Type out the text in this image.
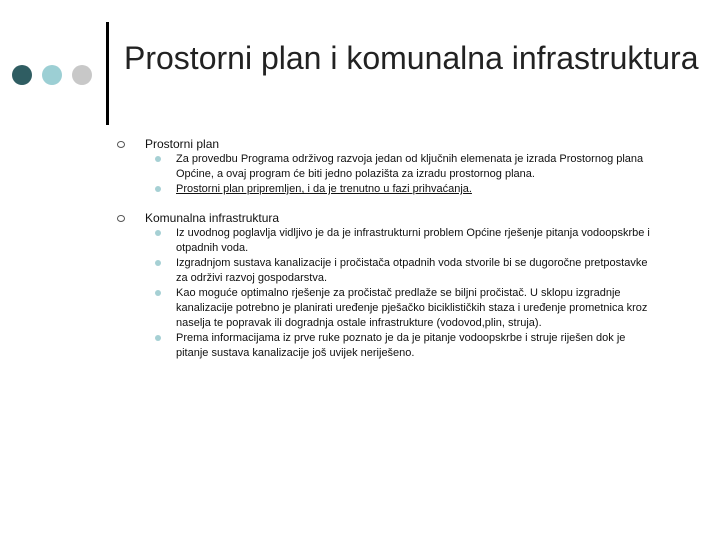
Prostorni plan i komunalna infrastruktura
Prostorni plan
Za provedbu Programa održivog razvoja jedan od ključnih elemenata je izrada Prostornog plana Općine, a ovaj program će biti jedno polazišta za izradu prostornog plana.
Prostorni plan pripremljen, i da je trenutno u fazi prihvaćanja.
Komunalna infrastruktura
Iz uvodnog poglavlja vidljivo je da je infrastrukturni problem Općine rješenje pitanja vodoopskrbe i otpadnih voda.
Izgradnjom sustava kanalizacije i pročistača otpadnih voda stvorile bi se dugoročne pretpostavke za održivi razvoj gospodarstva.
Kao moguće optimalno rješenje za pročistač predlaže se biljni pročistač. U sklopu izgradnje kanalizacije potrebno je planirati uređenje pješačko biciklističkih staza i uređenje prometnica kroz naselja te popravak ili dogradnja ostale infrastrukture (vodovod,plin, struja).
Prema informacijama iz prve ruke poznato je da je pitanje vodoopskrbe i struje riješen dok je pitanje sustava kanalizacije još uvijek neriješeno.
